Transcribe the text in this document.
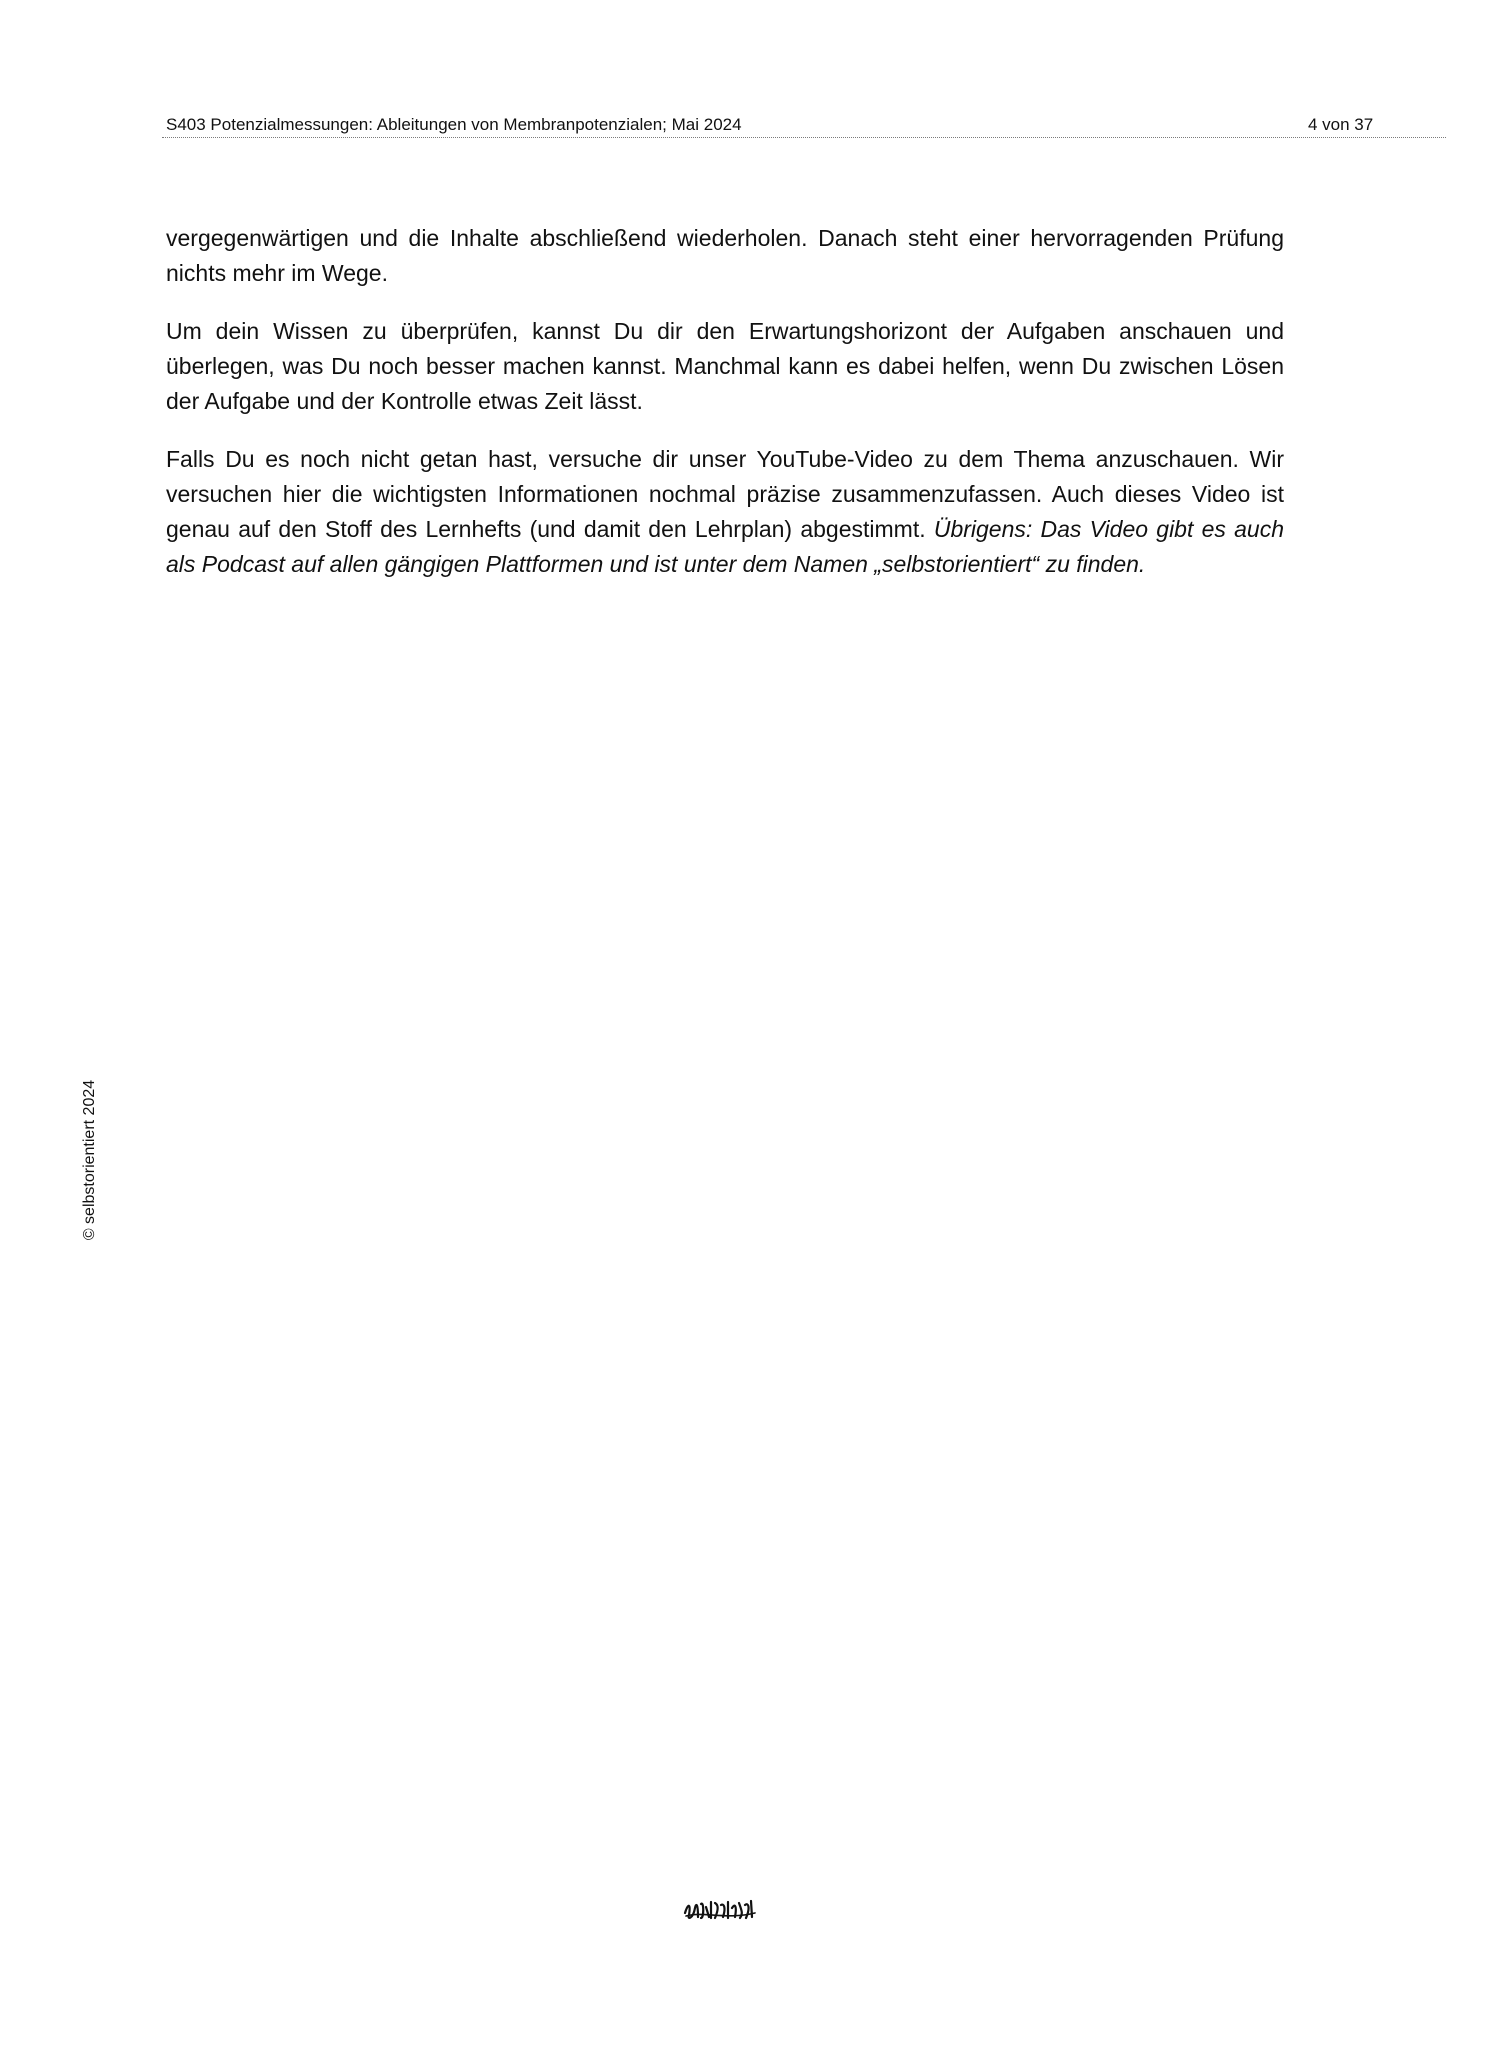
S403 Potenzialmessungen: Ableitungen von Membranpotenzialen; Mai 2024	4 von 37

vergegenwärtigen und die Inhalte abschließend wiederholen. Danach steht einer hervorragenden Prüfung nichts mehr im Wege.

Um dein Wissen zu überprüfen, kannst Du dir den Erwartungshorizont der Aufgaben anschauen und überlegen, was Du noch besser machen kannst. Manchmal kann es dabei helfen, wenn Du zwischen Lösen der Aufgabe und der Kontrolle etwas Zeit lässt.

Falls Du es noch nicht getan hast, versuche dir unser YouTube-Video zu dem Thema anzuschauen. Wir versuchen hier die wichtigsten Informationen nochmal präzise zusammenzufassen. Auch dieses Video ist genau auf den Stoff des Lernhefts (und damit den Lehrplan) abgestimmt. Übrigens: Das Video gibt es auch als Podcast auf allen gängigen Plattformen und ist unter dem Namen „selbstorientiert“ zu finden.

© selbstorientiert 2024
